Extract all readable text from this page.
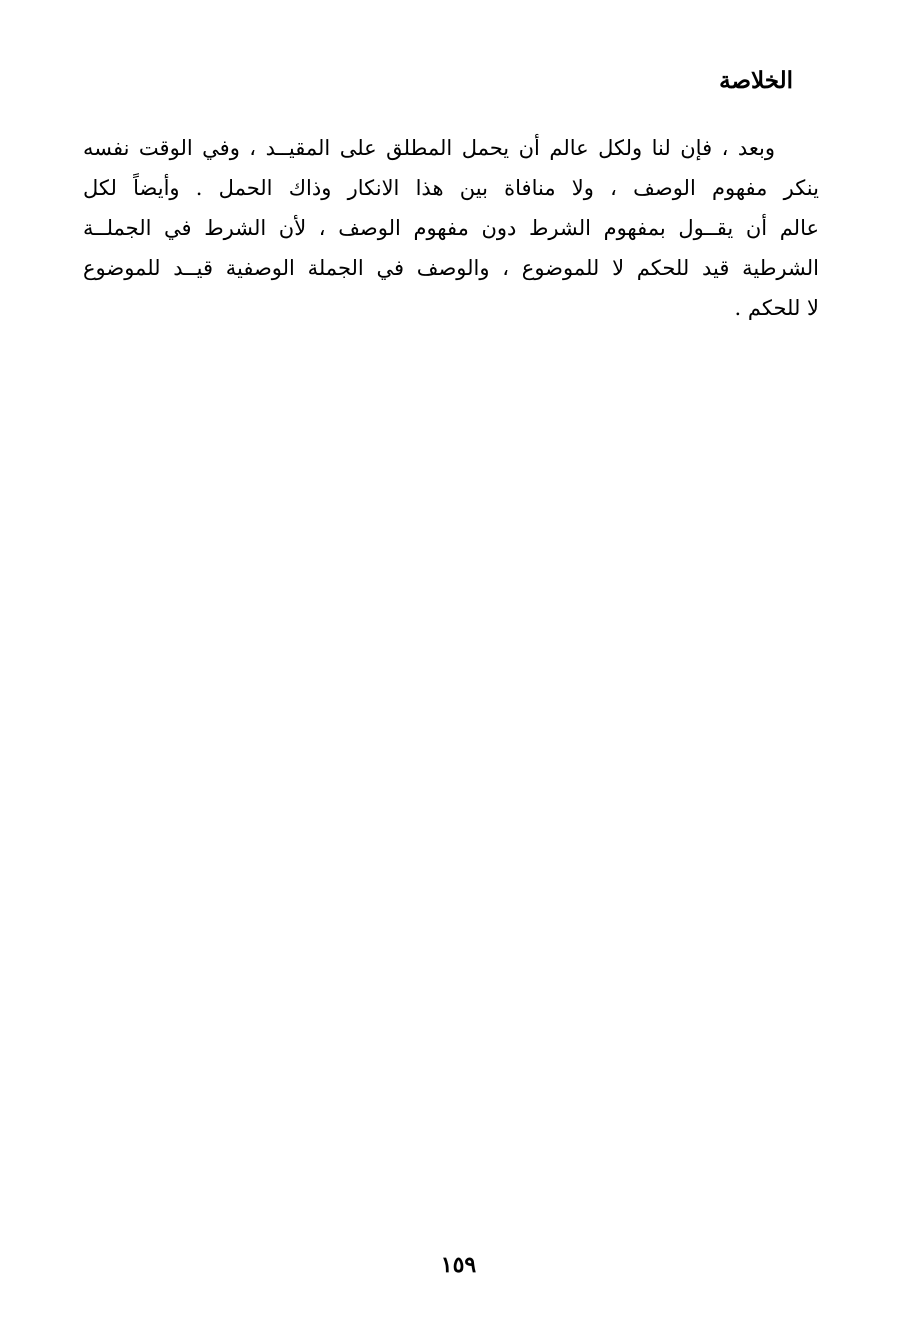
الخلاصة
وبعد ، فإن لنا ولكل عالم أن يحمل المطلق على المقيــد ، وفي الوقت نفسه
ينكر مفهوم الوصف ، ولا منافاة بين هذا الانكار وذاك الحمل . وأيضاً لكل
عالم أن يقــول بمفهوم الشرط دون مفهوم الوصف ، لأن الشرط في الجملــة
الشرطية قيد للحكم لا للموضوع ، والوصف في الجملة الوصفية قيــد للموضوع
لا للحكم .

١٥٩
